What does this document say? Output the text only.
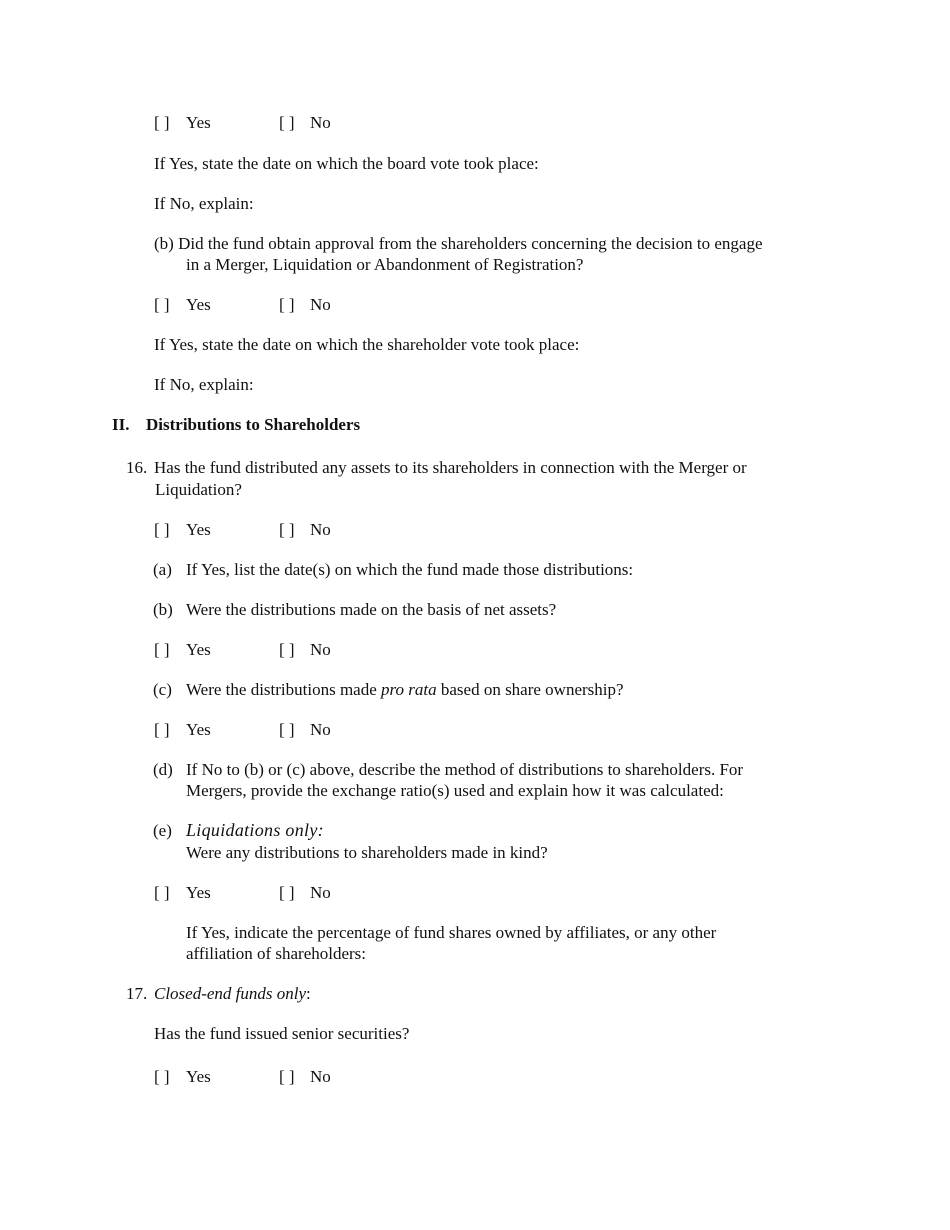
[ ] Yes	[ ] No
If Yes, state the date on which the board vote took place:
If No, explain:
(b) Did the fund obtain approval from the shareholders concerning the decision to engage
in a Merger, Liquidation or Abandonment of Registration?
[ ] Yes	[ ] No
If Yes, state the date on which the shareholder vote took place:
If No, explain:
II. Distributions to Shareholders
16. Has the fund distributed any assets to its shareholders in connection with the Merger or
Liquidation?
[ ] Yes	[ ] No
(a) If Yes, list the date(s) on which the fund made those distributions:
(b) Were the distributions made on the basis of net assets?
[ ] Yes	[ ] No
(c) Were the distributions made pro rata based on share ownership?
[ ] Yes	[ ] No
(d) If No to (b) or (c) above, describe the method of distributions to shareholders. For
Mergers, provide the exchange ratio(s) used and explain how it was calculated:
(e) Liquidations only:
Were any distributions to shareholders made in kind?
[ ] Yes	[ ] No
If Yes, indicate the percentage of fund shares owned by affiliates, or any other
affiliation of shareholders:
17. Closed-end funds only:
Has the fund issued senior securities?
[ ] Yes	[ ] No
